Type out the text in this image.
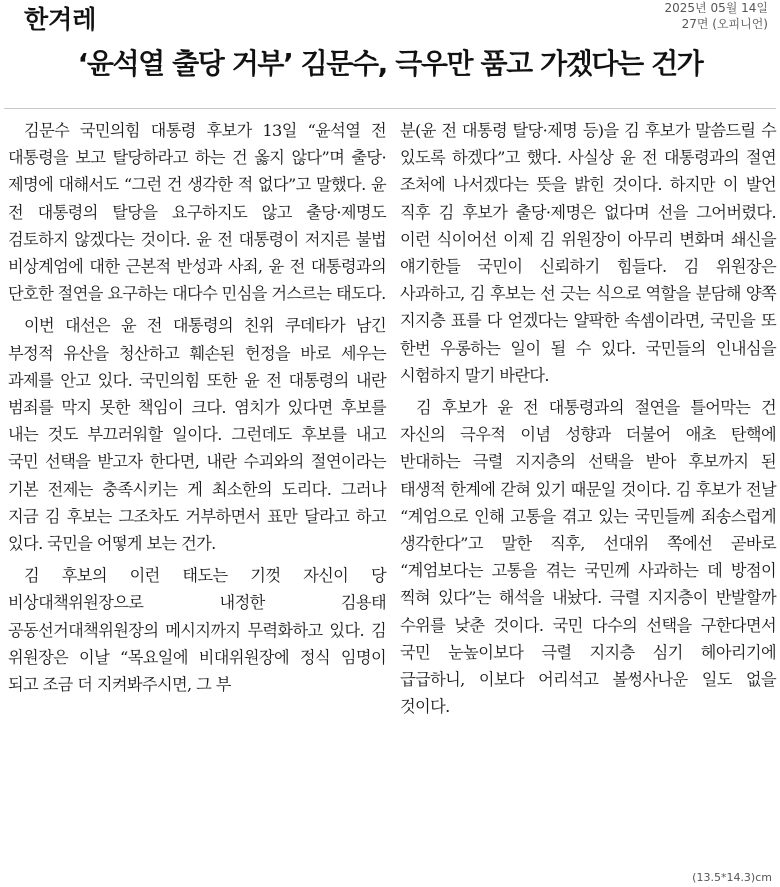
한겨레	2025년 05월 14일
27면 (오피니언)
‘윤석열 출당 거부’ 김문수, 극우만 품고 가겠다는 건가

김문수 국민의힘 대통령 후보가 13일 “윤석열 전 대통령을 보고 탈당하라고 하는 건 옳지 않다”며 출당·제명에 대해서도 “그런 건 생각한 적 없다”고 말했다. 윤 전 대통령의 탈당을 요구하지도 않고 출당·제명도 검토하지 않겠다는 것이다. 윤 전 대통령이 저지른 불법 비상계엄에 대한 근본적 반성과 사죄, 윤 전 대통령과의 단호한 절연을 요구하는 대다수 민심을 거스르는 태도다.

이번 대선은 윤 전 대통령의 친위 쿠데타가 남긴 부정적 유산을 청산하고 훼손된 헌정을 바로 세우는 과제를 안고 있다. 국민의힘 또한 윤 전 대통령의 내란 범죄를 막지 못한 책임이 크다. 염치가 있다면 후보를 내는 것도 부끄러워할 일이다. 그런데도 후보를 내고 국민 선택을 받고자 한다면, 내란 수괴와의 절연이라는 기본 전제는 충족시키는 게 최소한의 도리다. 그러나 지금 김 후보는 그조차도 거부하면서 표만 달라고 하고 있다. 국민을 어떻게 보는 건가.

김 후보의 이런 태도는 기껏 자신이 당 비상대책위원장으로 내정한 김용태 공동선거대책위원장의 메시지까지 무력화하고 있다. 김 위원장은 이날 “목요일에 비대위원장에 정식 임명이 되고 조금 더 지켜봐주시면, 그 부

분(윤 전 대통령 탈당·제명 등)을 김 후보가 말씀드릴 수 있도록 하겠다”고 했다. 사실상 윤 전 대통령과의 절연 조처에 나서겠다는 뜻을 밝힌 것이다. 하지만 이 발언 직후 김 후보가 출당·제명은 없다며 선을 그어버렸다. 이런 식이어선 이제 김 위원장이 아무리 변화며 쇄신을 얘기한들 국민이 신뢰하기 힘들다. 김 위원장은 사과하고, 김 후보는 선 긋는 식으로 역할을 분담해 양쪽 지지층 표를 다 얻겠다는 얄팍한 속셈이라면, 국민을 또 한번 우롱하는 일이 될 수 있다. 국민들의 인내심을 시험하지 말기 바란다.

김 후보가 윤 전 대통령과의 절연을 틀어막는 건 자신의 극우적 이념 성향과 더불어 애초 탄핵에 반대하는 극렬 지지층의 선택을 받아 후보까지 된 태생적 한계에 갇혀 있기 때문일 것이다. 김 후보가 전날 “계엄으로 인해 고통을 겪고 있는 국민들께 죄송스럽게 생각한다”고 말한 직후, 선대위 쪽에선 곧바로 “계엄보다는 고통을 겪는 국민께 사과하는 데 방점이 찍혀 있다”는 해석을 내놨다. 극렬 지지층이 반발할까 수위를 낮춘 것이다. 국민 다수의 선택을 구한다면서 국민 눈높이보다 극렬 지지층 심기 헤아리기에 급급하니, 이보다 어리석고 볼썽사나운 일도 없을 것이다.

(13.5*14.3)cm
